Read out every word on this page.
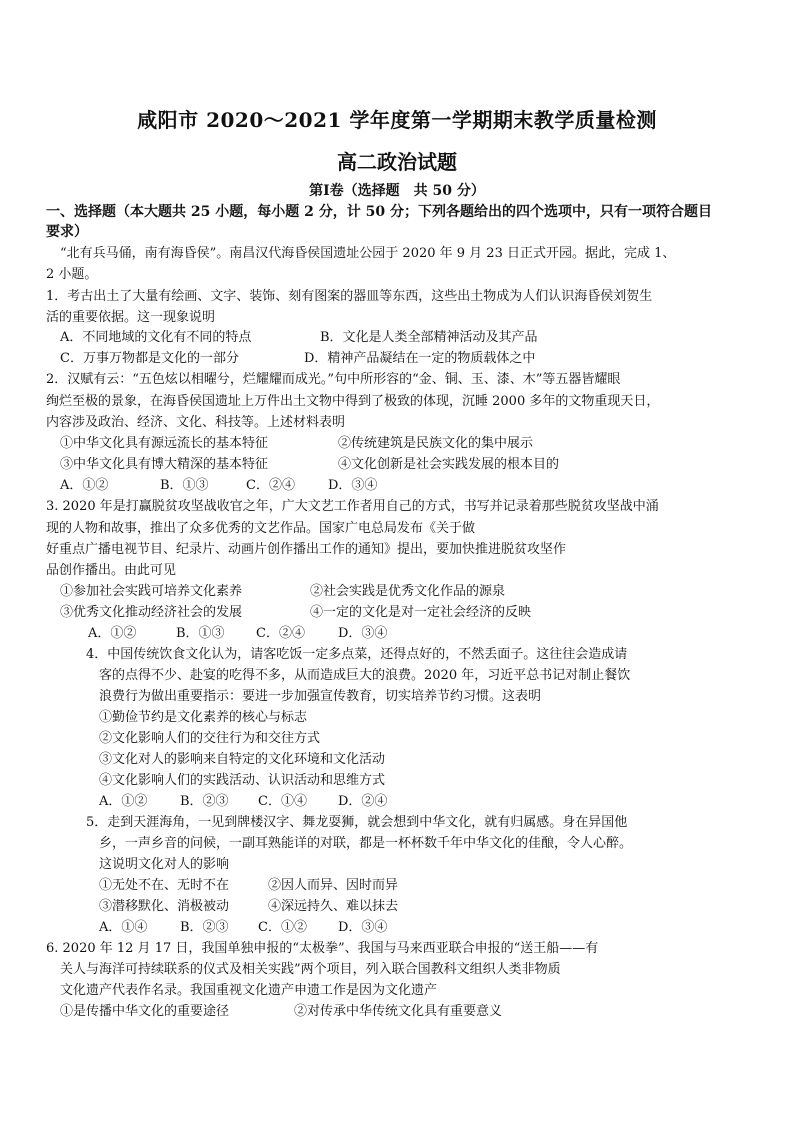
咸阳市 2020～2021 学年度第一学期期末教学质量检测
高二政治试题
第Ⅰ卷（选择题　共 50 分）
一、选择题（本大题共 25 小题，每小题 2 分，计 50 分；下列各题给出的四个选项中，只有一项符合题目
要求）
“北有兵马俑，南有海昏侯”。南昌汉代海昏侯国遗址公园于 2020 年 9 月 23 日正式开园。据此，完成 1、
2 小题。
1．考古出土了大量有绘画、文字、装饰、刻有图案的器皿等东西，这些出土物成为人们认识海昏侯刘贺生
活的重要依据。这一现象说明
A．不同地域的文化有不同的特点	B．文化是人类全部精神活动及其产品
C．万事万物都是文化的一部分	D．精神产品凝结在一定的物质载体之中
2．汉赋有云：“五色炫以相曜兮，烂耀耀而成光。”句中所形容的“金、铜、玉、漆、木”等五器皆耀眼
绚烂至极的景象，在海昏侯国遗址上万件出土文物中得到了极致的体现，沉睡 2000 多年的文物重现天日，
内容涉及政治、经济、文化、科技等。上述材料表明
①中华文化具有源远流长的基本特征	②传统建筑是民族文化的集中展示
③中华文化具有博大精深的基本特征	④文化创新是社会实践发展的根本目的
A．①②	B．①③	C．②④	D．③④
3. 2020 年是打赢脱贫攻坚战收官之年，广大文艺工作者用自己的方式，书写并记录着那些脱贫攻坚战中涌
现的人物和故事，推出了众多优秀的文艺作品。国家广电总局发布《关于做
好重点广播电视节目、纪录片、动画片创作播出工作的通知》提出，要加快推进脱贫攻坚作
品创作播出。由此可见
①参加社会实践可培养文化素养	②社会实践是优秀文化作品的源泉
③优秀文化推动经济社会的发展	④一定的文化是对一定社会经济的反映
A．①②	B．①③ C．②④	D．③④
4．中国传统饮食文化认为，请客吃饭一定多点菜，还得点好的，不然丢面子。这往往会造成请
客的点得不少、赴宴的吃得不多，从而造成巨大的浪费。2020 年，习近平总书记对制止餐饮
浪费行为做出重要指示：要进一步加强宣传教育，切实培养节约习惯。这表明
①勤俭节约是文化素养的核心与标志
②文化影响人们的交往行为和交往方式
③文化对人的影响来自特定的文化环境和文化活动
④文化影响人们的实践活动、认识活动和思维方式
A．①②	B．②③ C．①④ D．②④
5．走到天涯海角，一见到牌楼汉字、舞龙耍狮，就会想到中华文化，就有归属感。身在异国他
乡，一声乡音的问候，一副耳熟能详的对联，都是一杯杯数千年中华文化的佳酿，令人心醉。
这说明文化对人的影响
①无处不在、无时不在	②因人而异、因时而异
③潜移默化、消极被动	④深远持久、难以抹去
A．①④	B．②③ C．①② D．③④
6. 2020 年 12 月 17 日，我国单独申报的“太极拳”、我国与马来西亚联合申报的“送王船——有
关人与海洋可持续联系的仪式及相关实践”两个项目，列入联合国教科文组织人类非物质
文化遗产代表作名录。我国重视文化遗产申遗工作是因为文化遗产
①是传播中华文化的重要途径	②对传承中华传统文化具有重要意义
